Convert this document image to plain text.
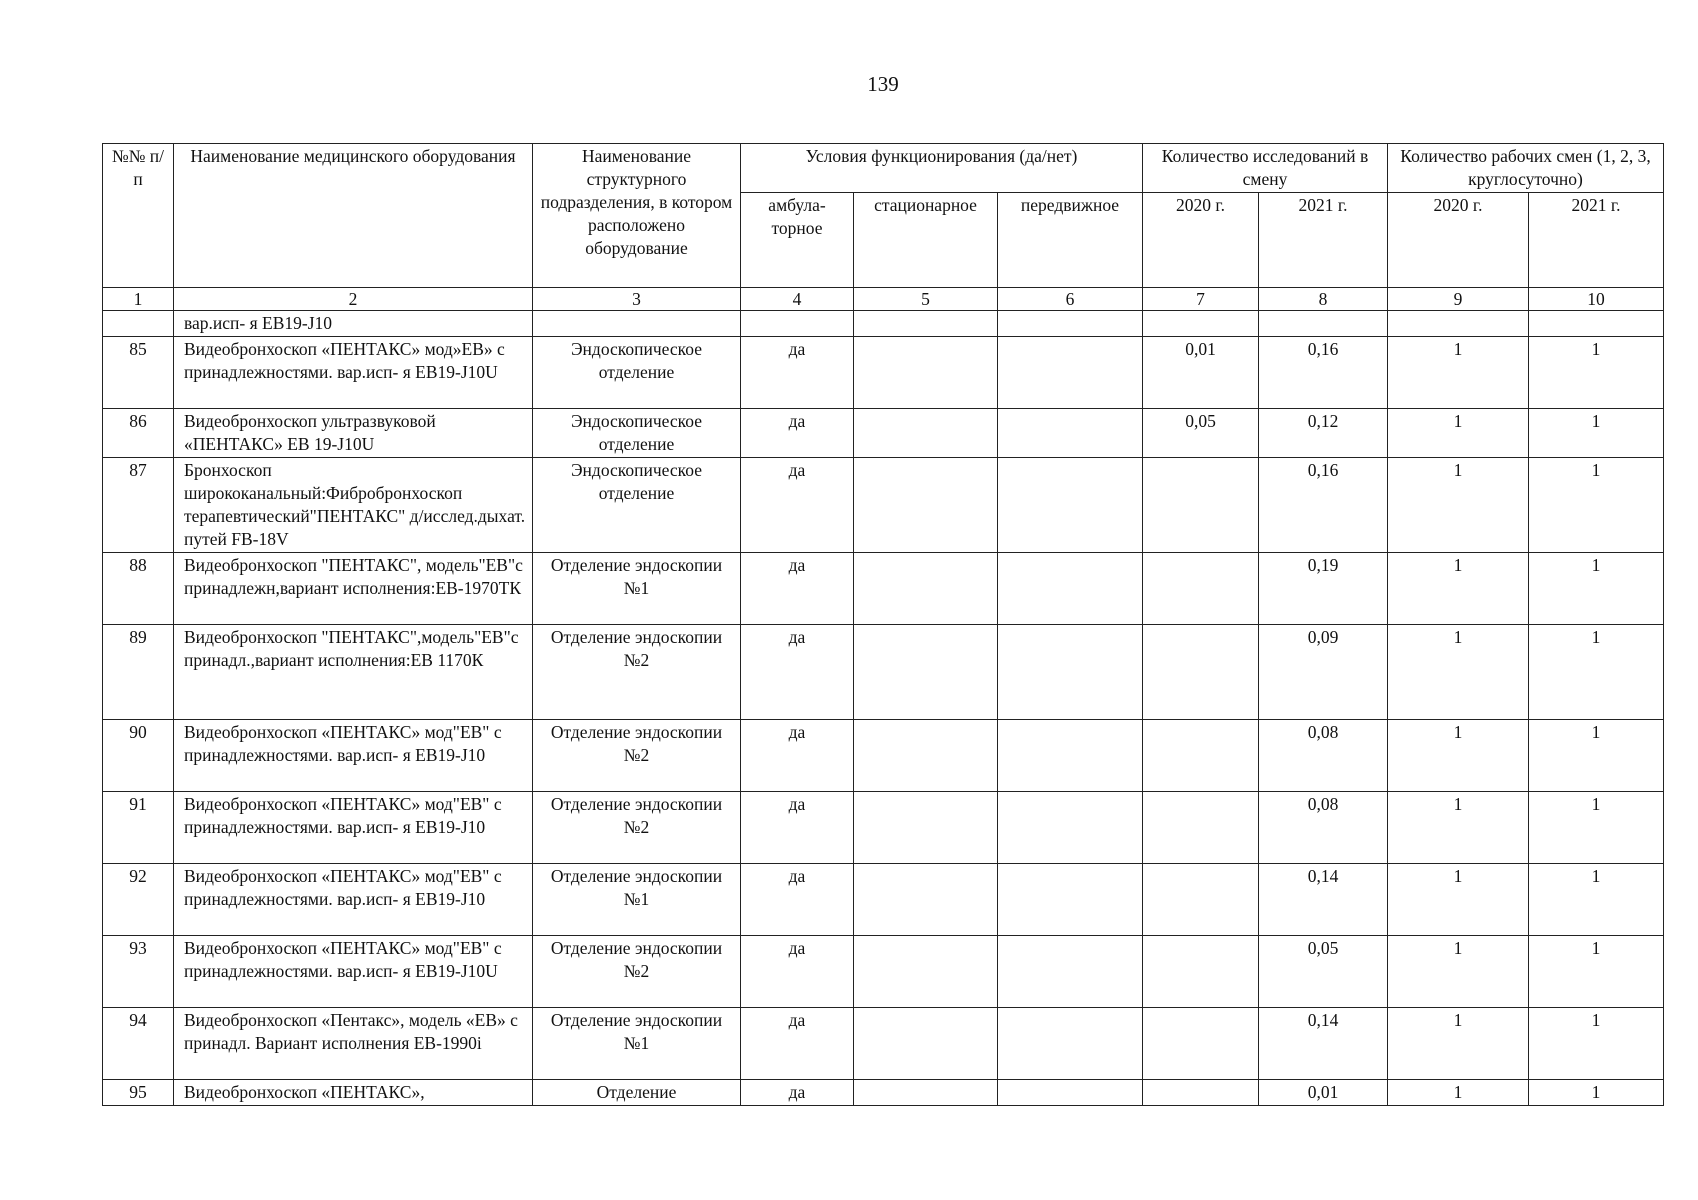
139
№№ п/п	Наименование медицинского оборудования	Наименование структурного подразделения, в котором расположено оборудование	Условия функционирования (да/нет)			Количество исследований в смену		Количество рабочих смен (1, 2, 3, круглосуточно)	
			амбула-торное	стационарное	передвижное	2020 г.	2021 г.	2020 г.	2021 г.
1	2	3	4	5	6	7	8	9	10
	вар.исп- я ЕВ19-J10								
85	Видеобронхоскоп «ПЕНТАКС» мод»ЕВ» с принадлежностями. вар.исп- я ЕВ19-J10U	Эндоскопическое отделение	да			0,01	0,16	1	1
86	Видеобронхоскоп ультразвуковой «ПЕНТАКС» ЕВ 19-J10U	Эндоскопическое отделение	да			0,05	0,12	1	1
87	Бронхоскоп ширококанальный:Фибробронхоскоп терапевтический"ПЕНТАКС" д/исслед.дыхат. путей FB-18V	Эндоскопическое отделение	да				0,16	1	1
88	Видеобронхоскоп "ПЕНТАКС", модель"ЕВ"с принадлежн,вариант исполнения:ЕВ-1970ТК	Отделение эндоскопии №1	да				0,19	1	1
89	Видеобронхоскоп "ПЕНТАКС",модель"ЕВ"с принадл.,вариант исполнения:ЕВ 1170К	Отделение эндоскопии №2	да				0,09	1	1
90	Видеобронхоскоп «ПЕНТАКС» мод"ЕВ" с принадлежностями. вар.исп- я ЕВ19-J10	Отделение эндоскопии №2	да				0,08	1	1
91	Видеобронхоскоп «ПЕНТАКС» мод"ЕВ" с принадлежностями. вар.исп- я ЕВ19-J10	Отделение эндоскопии №2	да				0,08	1	1
92	Видеобронхоскоп «ПЕНТАКС» мод"ЕВ" с принадлежностями. вар.исп- я ЕВ19-J10	Отделение эндоскопии №1	да				0,14	1	1
93	Видеобронхоскоп «ПЕНТАКС» мод"ЕВ" с принадлежностями. вар.исп- я ЕВ19-J10U	Отделение эндоскопии №2	да				0,05	1	1
94	Видеобронхоскоп «Пентакс», модель «ЕВ» с принадл. Вариант исполнения ЕВ-1990i	Отделение эндоскопии №1	да				0,14	1	1
95	Видеобронхоскоп «ПЕНТАКС»,	Отделение	да				0,01	1	1
